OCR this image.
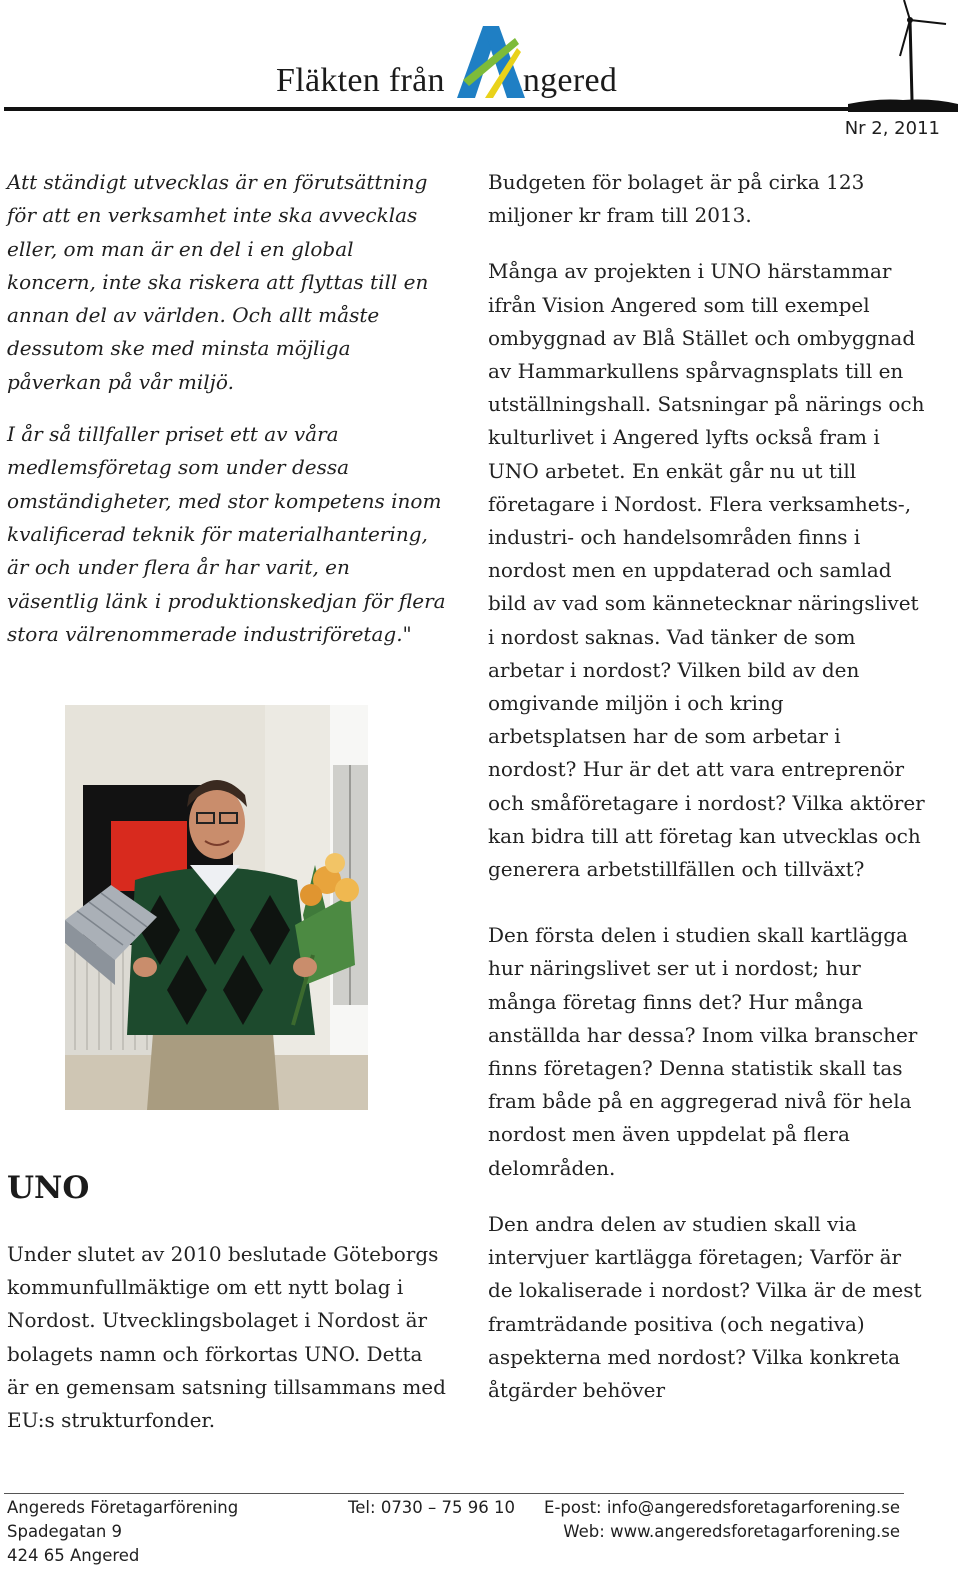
Fläkten från ngered
Nr 2, 2011

Att ständigt utvecklas är en förutsättning för att en verksamhet inte ska avvecklas eller, om man är en del i en global koncern, inte ska riskera att flyttas till en annan del av världen. Och allt måste dessutom ske med minsta möjliga påverkan på vår miljö.

I år så tillfaller priset ett av våra medlemsföretag som under dessa omständigheter, med stor kompetens inom kvalificerad teknik för materialhantering, är och under flera år har varit, en väsentlig länk i produktionskedjan för flera stora välrenommerade industriföretag."

UNO

Under slutet av 2010 beslutade Göteborgs kommunfullmäktige om ett nytt bolag i Nordost. Utvecklingsbolaget i Nordost är bolagets namn och förkortas UNO. Detta är en gemensam satsning tillsammans med EU:s strukturfonder.

Budgeten för bolaget är på cirka 123 miljoner kr fram till 2013.

Många av projekten i UNO härstammar ifrån Vision Angered som till exempel ombyggnad av Blå Stället och ombyggnad av Hammarkullens spårvagnsplats till en utställningshall. Satsningar på närings och kulturlivet i Angered lyfts också fram i UNO arbetet. En enkät går nu ut till företagare i Nordost. Flera verksamhets-, industri- och handelsområden finns i nordost men en uppdaterad och samlad bild av vad som kännetecknar näringslivet i nordost saknas. Vad tänker de som arbetar i nordost? Vilken bild av den omgivande miljön i och kring arbetsplatsen har de som arbetar i nordost? Hur är det att vara entreprenör och småföretagare i nordost? Vilka aktörer kan bidra till att företag kan utvecklas och generera arbetstillfällen och tillväxt?

Den första delen i studien skall kartlägga hur näringslivet ser ut i nordost; hur många företag finns det? Hur många anställda har dessa? Inom vilka branscher finns företagen? Denna statistik skall tas fram både på en aggregerad nivå för hela nordost men även uppdelat på flera delområden.

Den andra delen av studien skall via intervjuer kartlägga företagen; Varför är de lokaliserade i nordost? Vilka är de mest framträdande positiva (och negativa) aspekterna med nordost? Vilka konkreta åtgärder behöver

Angereds Företagarförening
Spadegatan 9
424 65 Angered
Tel: 0730 – 75 96 10 E-post: info@angeredsforetagarforening.se
Web: www.angeredsforetagarforening.se
